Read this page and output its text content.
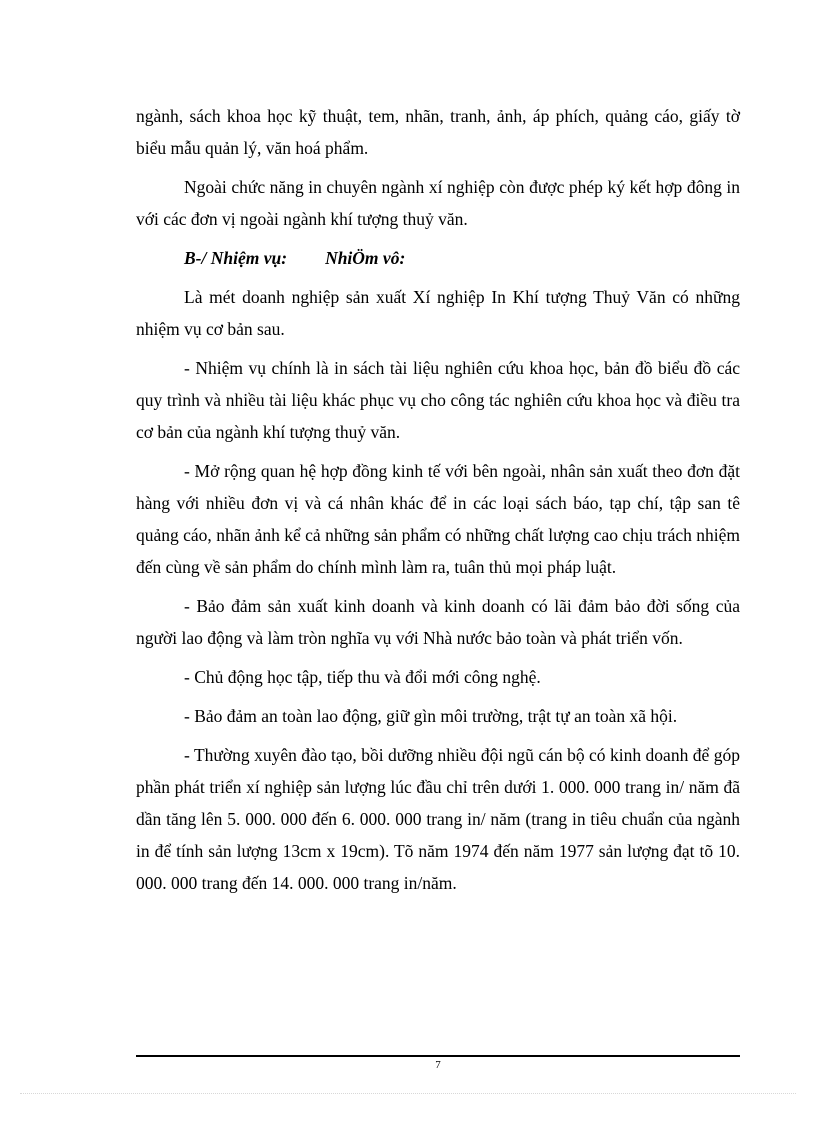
ngành, sách khoa học kỹ thuật, tem, nhãn, tranh, ảnh, áp phích, quảng cáo, giấy tờ biểu mẫu quản lý, văn hoá phẩm.

Ngoài chức năng in chuyên ngành xí nghiệp còn được phép ký kết hợp đông in với các đơn vị ngoài ngành khí tượng thuỷ văn.

B-/ Nhiệm vụ: NhiÖm vô:

Là mét doanh nghiệp sản xuất Xí nghiệp In Khí tượng Thuỷ Văn có những nhiệm vụ cơ bản sau.

- Nhiệm vụ chính là in sách tài liệu nghiên cứu khoa học, bản đồ biểu đồ các quy trình và nhiều tài liệu khác phục vụ cho công tác nghiên cứu khoa học và điều tra cơ bản của ngành khí tượng thuỷ văn.

- Mở rộng quan hệ hợp đồng kinh tế với bên ngoài, nhân sản xuất theo đơn đặt hàng với nhiều đơn vị và cá nhân khác để in các loại sách báo, tạp chí, tập san tê quảng cáo, nhãn ảnh kể cả những sản phẩm có những chất lượng cao chịu trách nhiệm đến cùng về sản phẩm do chính mình làm ra, tuân thủ mọi pháp luật.

- Bảo đảm sản xuất kinh doanh và kinh doanh có lãi đảm bảo đời sống của người lao động và làm tròn nghĩa vụ với Nhà nước bảo toàn và phát triển vốn.

- Chủ động học tập, tiếp thu và đổi mới công nghệ.

- Bảo đảm an toàn lao động, giữ gìn môi trường, trật tự an toàn xã hội.

- Thường xuyên đào tạo, bồi dưỡng nhiều đội ngũ cán bộ có kinh doanh để góp phần phát triển xí nghiệp sản lượng lúc đầu chỉ trên dưới 1. 000. 000 trang in/ năm đã dần tăng lên 5. 000. 000 đến 6. 000. 000 trang in/ năm (trang in tiêu chuẩn của ngành in để tính sản lượng 13cm x 19cm). Tõ năm 1974 đến năm 1977 sản lượng đạt tõ 10. 000. 000 trang đến 14. 000. 000 trang in/năm.

7
